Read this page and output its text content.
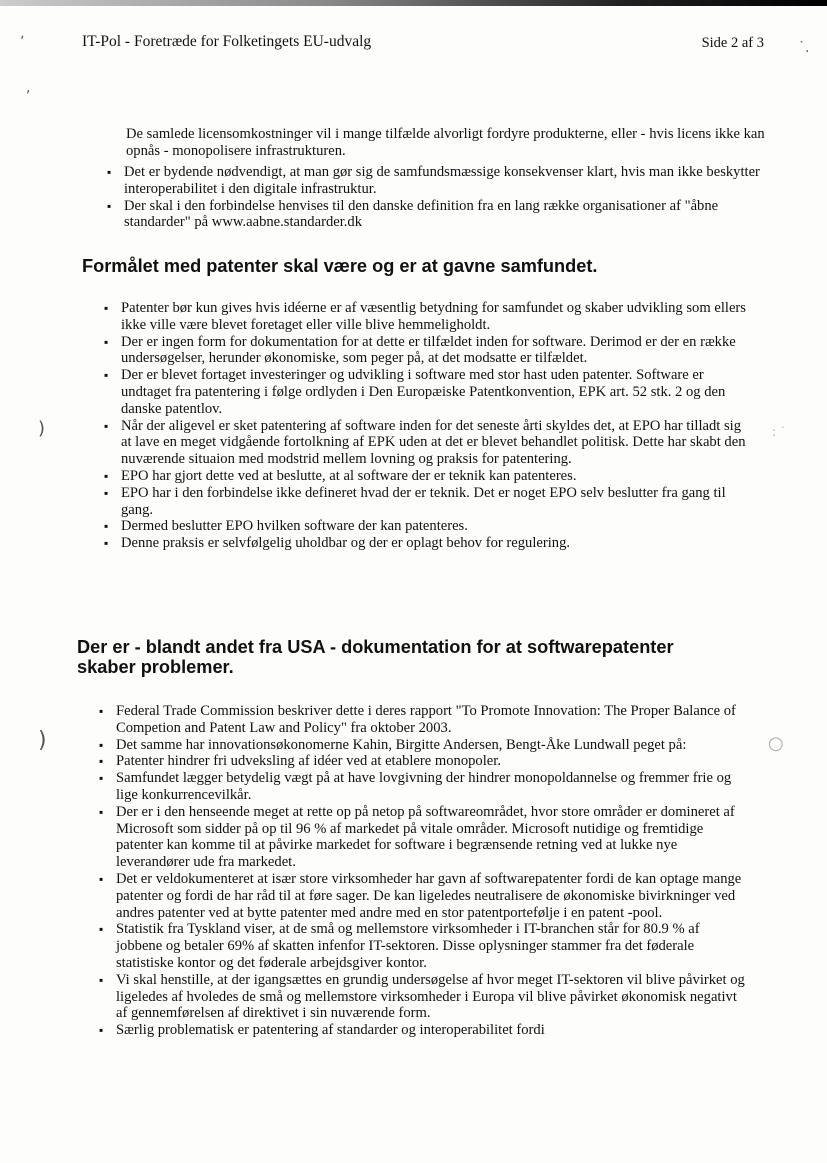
IT-Pol - Foretræde for Folketingets EU-udvalg	Side 2 af 3
ʼ
,
)
)
˙.
: ˙
○

De samlede licensomkostninger vil i mange tilfælde alvorligt fordyre produkterne, eller - hvis licens ikke kan opnås - monopolisere infrastrukturen.

▪ Det er bydende nødvendigt, at man gør sig de samfundsmæssige konsekvenser klart, hvis man ikke beskytter interoperabilitet i den digitale infrastruktur.
▪ Der skal i den forbindelse henvises til den danske definition fra en lang række organisationer af "åbne standarder" på www.aabne.standarder.dk
Formålet med patenter skal være og er at gavne samfundet.
▪ Patenter bør kun gives hvis idéerne er af væsentlig betydning for samfundet og skaber udvikling som ellers ikke ville være blevet foretaget eller ville blive hemmeligholdt.
▪ Der er ingen form for dokumentation for at dette er tilfældet inden for software. Derimod er der en række undersøgelser, herunder økonomiske, som peger på, at det modsatte er tilfældet.
▪ Der er blevet fortaget investeringer og udvikling i software med stor hast uden patenter. Software er undtaget fra patentering i følge ordlyden i Den Europæiske Patentkonvention, EPK art. 52 stk. 2 og den danske patentlov.
▪ Når der aligevel er sket patentering af software inden for det seneste årti skyldes det, at EPO har tilladt sig at lave en meget vidgående fortolkning af EPK uden at det er blevet behandlet politisk. Dette har skabt den nuværende situaion med modstrid mellem lovning og praksis for patentering.
▪ EPO har gjort dette ved at beslutte, at al software der er teknik kan patenteres.
▪ EPO har i den forbindelse ikke defineret hvad der er teknik. Det er noget EPO selv beslutter fra gang til gang.
▪ Dermed beslutter EPO hvilken software der kan patenteres.
▪ Denne praksis er selvfølgelig uholdbar og der er oplagt behov for regulering.
Der er - blandt andet fra USA - dokumentation for at softwarepatenter
skaber problemer.
▪ Federal Trade Commission beskriver dette i deres rapport "To Promote Innovation: The Proper Balance of Competion and Patent Law and Policy" fra oktober 2003.
▪ Det samme har innovationsøkonomerne Kahin, Birgitte Andersen, Bengt-Åke Lundwall peget på:
▪ Patenter hindrer fri udveksling af idéer ved at etablere monopoler.
▪ Samfundet lægger betydelig vægt på at have lovgivning der hindrer monopoldannelse og fremmer frie og lige konkurrencevilkår.
▪ Der er i den henseende meget at rette op på netop på softwareområdet, hvor store områder er domineret af Microsoft som sidder på op til 96 % af markedet på vitale områder. Microsoft nutidige og fremtidige patenter kan komme til at påvirke markedet for software i begrænsende retning ved at lukke nye leverandører ude fra markedet.
▪ Det er veldokumenteret at især store virksomheder har gavn af softwarepatenter fordi de kan optage mange patenter og fordi de har råd til at føre sager. De kan ligeledes neutralisere de økonomiske bivirkninger ved andres patenter ved at bytte patenter med andre med en stor patentportefølje i en patent -pool.
▪ Statistik fra Tyskland viser, at de små og mellemstore virksomheder i IT-branchen står for 80.9 % af jobbene og betaler 69% af skatten infenfor IT-sektoren. Disse oplysninger stammer fra det føderale statistiske kontor og det føderale arbejdsgiver kontor.
▪ Vi skal henstille, at der igangsættes en grundig undersøgelse af hvor meget IT-sektoren vil blive påvirket og ligeledes af hvoledes de små og mellemstore virksomheder i Europa vil blive påvirket økonomisk negativt af gennemførelsen af direktivet i sin nuværende form.
▪ Særlig problematisk er patentering af standarder og interoperabilitet fordi
